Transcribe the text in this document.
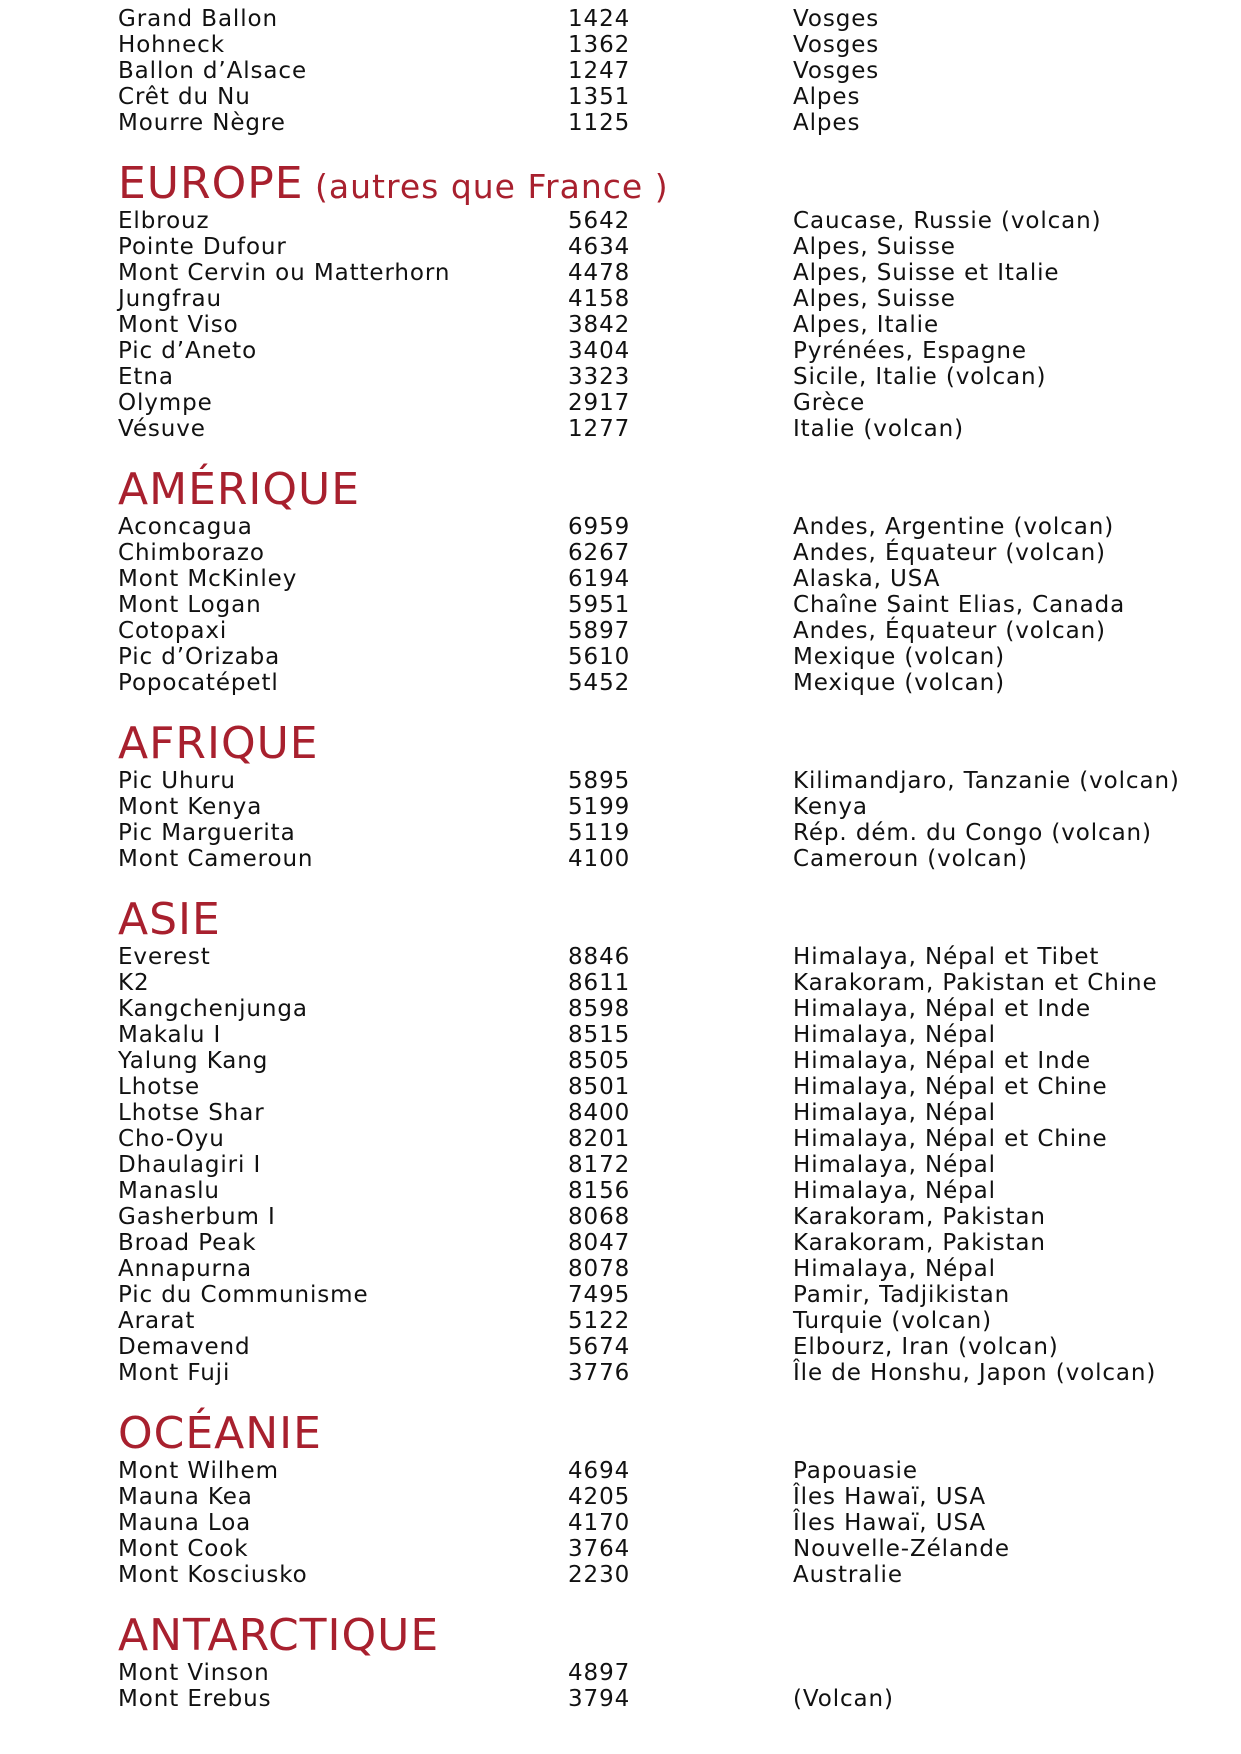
Grand Ballon	1424	Vosges
Hohneck	1362	Vosges
Ballon d’Alsace	1247	Vosges
Crêt du Nu	1351	Alpes
Mourre Nègre	1125	Alpes
EUROPE (autres que France )
Elbrouz	5642	Caucase, Russie (volcan)
Pointe Dufour	4634	Alpes, Suisse
Mont Cervin ou Matterhorn	4478	Alpes, Suisse et Italie
Jungfrau	4158	Alpes, Suisse
Mont Viso	3842	Alpes, Italie
Pic d’Aneto	3404	Pyrénées, Espagne
Etna	3323	Sicile, Italie (volcan)
Olympe	2917	Grèce
Vésuve	1277	Italie (volcan)
AMÉRIQUE
Aconcagua	6959	Andes, Argentine (volcan)
Chimborazo	6267	Andes, Équateur (volcan)
Mont McKinley	6194	Alaska, USA
Mont Logan	5951	Chaîne Saint Elias, Canada
Cotopaxi	5897	Andes, Équateur (volcan)
Pic d’Orizaba	5610	Mexique (volcan)
Popocatépetl	5452	Mexique (volcan)
AFRIQUE
Pic Uhuru	5895	Kilimandjaro, Tanzanie (volcan)
Mont Kenya	5199	Kenya
Pic Marguerita	5119	Rép. dém. du Congo (volcan)
Mont Cameroun	4100	Cameroun (volcan)
ASIE
Everest	8846	Himalaya, Népal et Tibet
K2	8611	Karakoram, Pakistan et Chine
Kangchenjunga	8598	Himalaya, Népal et Inde
Makalu I	8515	Himalaya, Népal
Yalung Kang	8505	Himalaya, Népal et Inde
Lhotse	8501	Himalaya, Népal et Chine
Lhotse Shar	8400	Himalaya, Népal
Cho-Oyu	8201	Himalaya, Népal et Chine
Dhaulagiri I	8172	Himalaya, Népal
Manaslu	8156	Himalaya, Népal
Gasherbum I	8068	Karakoram, Pakistan
Broad Peak	8047	Karakoram, Pakistan
Annapurna	8078	Himalaya, Népal
Pic du Communisme	7495	Pamir, Tadjikistan
Ararat	5122	Turquie (volcan)
Demavend	5674	Elbourz, Iran (volcan)
Mont Fuji	3776	Île de Honshu, Japon (volcan)
OCÉANIE
Mont Wilhem	4694	Papouasie
Mauna Kea	4205	Îles Hawaï, USA
Mauna Loa	4170	Îles Hawaï, USA
Mont Cook	3764	Nouvelle-Zélande
Mont Kosciusko	2230	Australie
ANTARCTIQUE
Mont Vinson	4897
Mont Erebus	3794	(Volcan)
